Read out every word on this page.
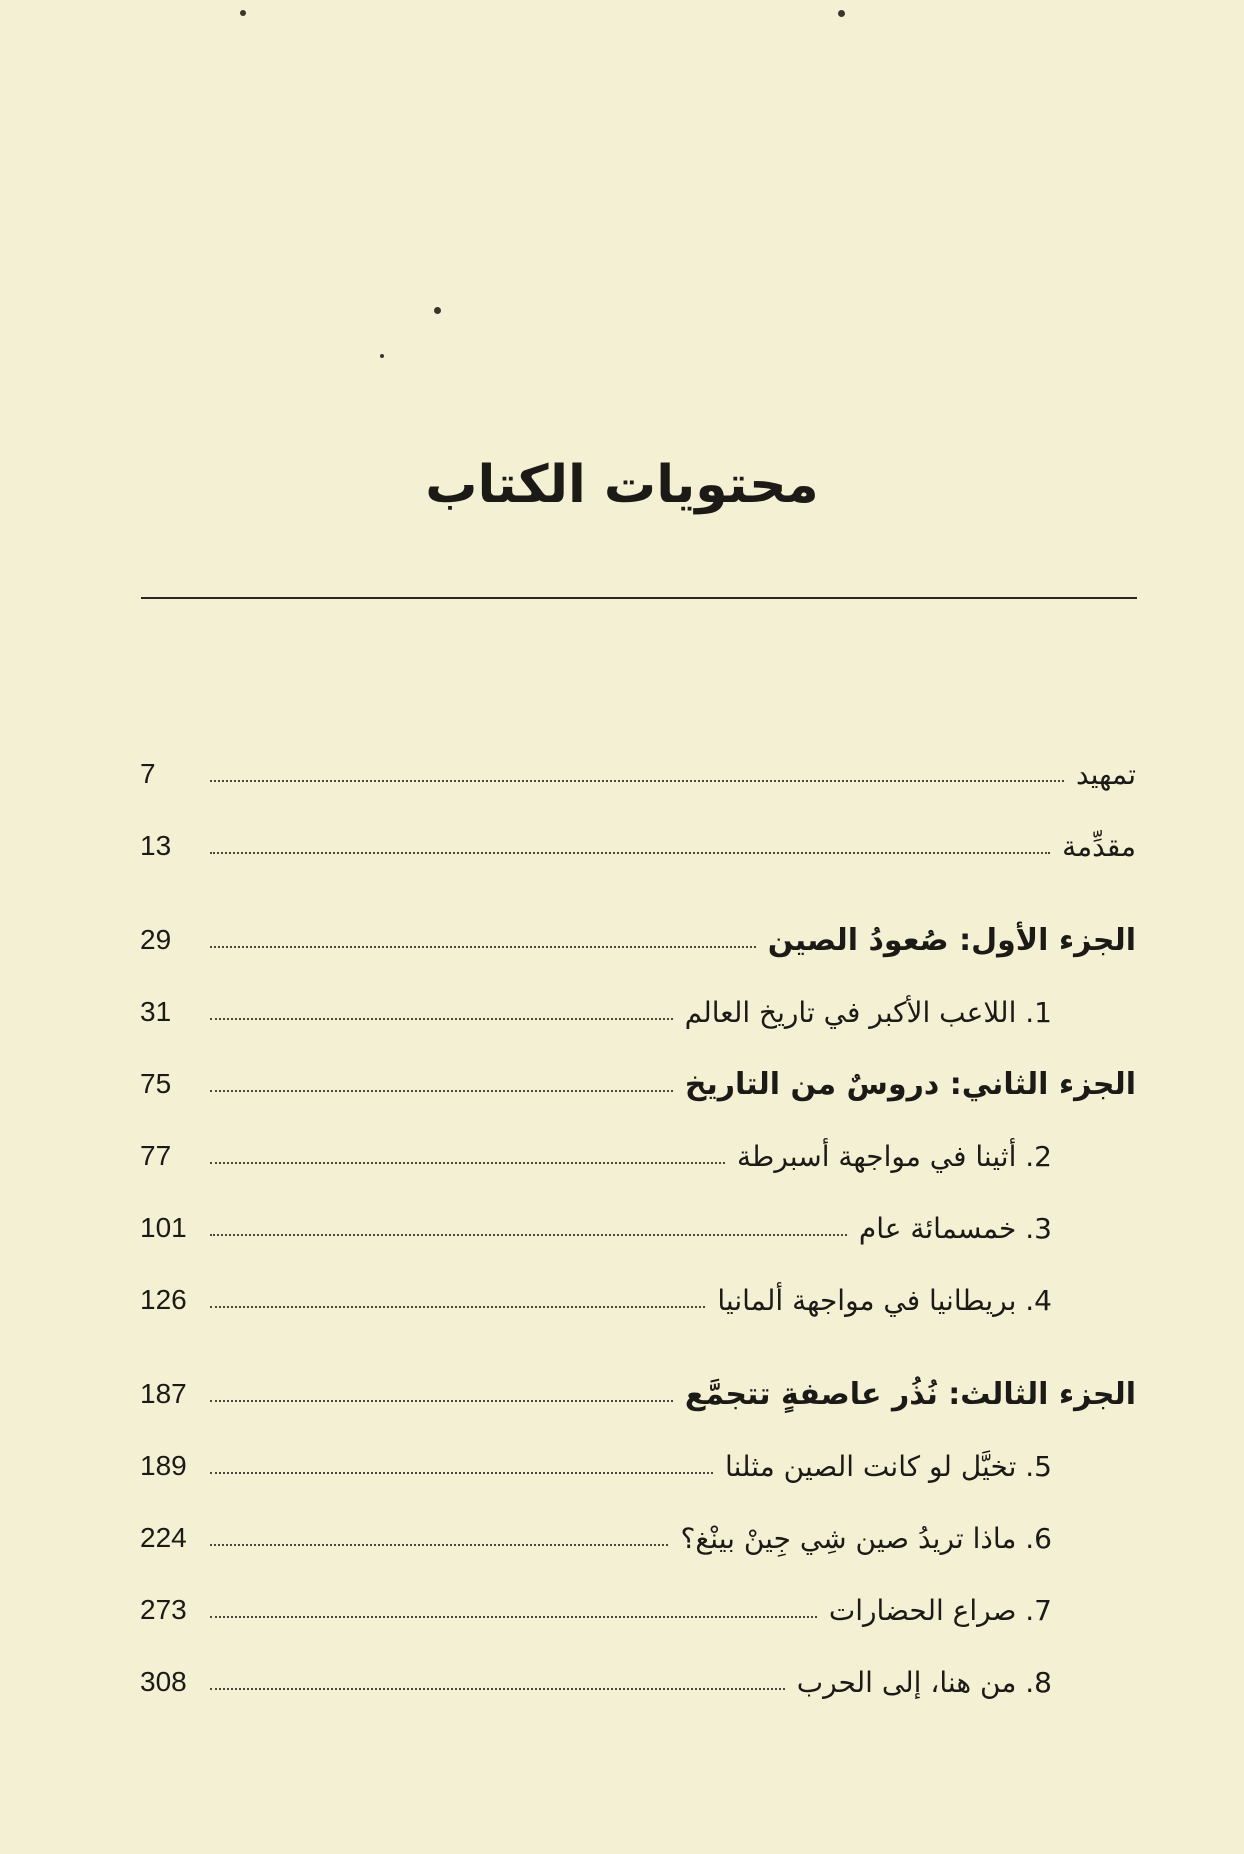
محتويات الكتاب
تمهيد
7
مقدِّمة
13
الجزء الأول: صُعودُ الصين
29
1. اللاعب الأكبر في تاريخ العالم
31
الجزء الثاني: دروسٌ من التاريخ
75
2. أثينا في مواجهة أسبرطة
77
3. خمسمائة عام
101
4. بريطانيا في مواجهة ألمانيا
126
الجزء الثالث: نُذُر عاصفةٍ تتجمَّع
187
5. تخيَّل لو كانت الصين مثلنا
189
6. ماذا تريدُ صين شِي جِينْ بينْغ؟
224
7. صراع الحضارات
273
8. من هنا، إلى الحرب
308
